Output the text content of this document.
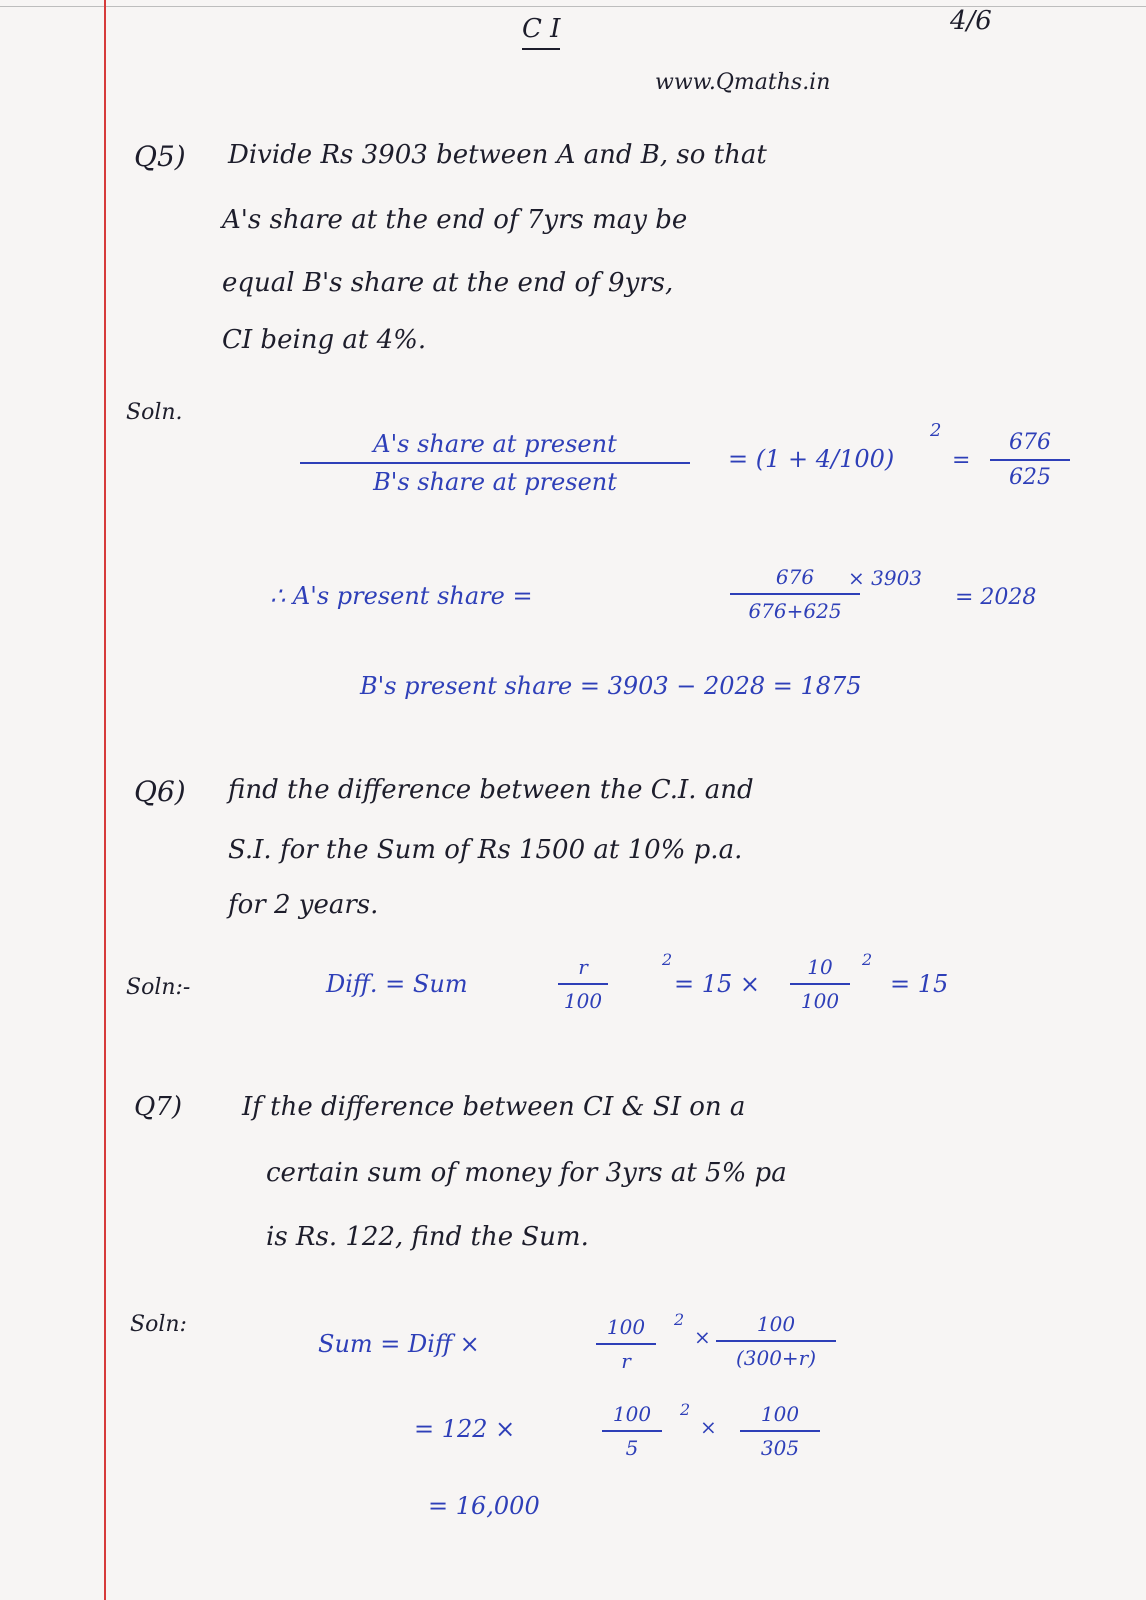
C I	4/6
www.Qmaths.in
Q5) Divide Rs 3903 between A and B, so that
A's share at the end of 7yrs may be
equal B's share at the end of 9yrs,
CI being at 4%.
Soln.
A's share at present
B's share at present
= (1 + 4/100)
2
= $\frac{676}{625}$
∴ A's present share =	$\frac{676}{676+625}$
× 3903
= 2028
B's present share = 3903 − 2028 = 1875
Q6) find the difference between the C.I. and
S.I. for the Sum of Rs 1500 at 10% p.a.
for 2 years.
Soln:-	Diff. = Sum	$\frac{r}{100}$	2
= $15 \times \frac{10}{100} 2$
= 15
Q7) If the difference between CI & SI on a
certain sum of money for 3yrs at 5% pa
is Rs. 122, find the Sum.
Soln:
Sum = Diff ×	$\frac{100}{r} 2$
× $\frac{100}{(300+r)}$
= 122 ×	$\frac{100}{5} 2$
× $\frac{100}{305}$
= 16,000
